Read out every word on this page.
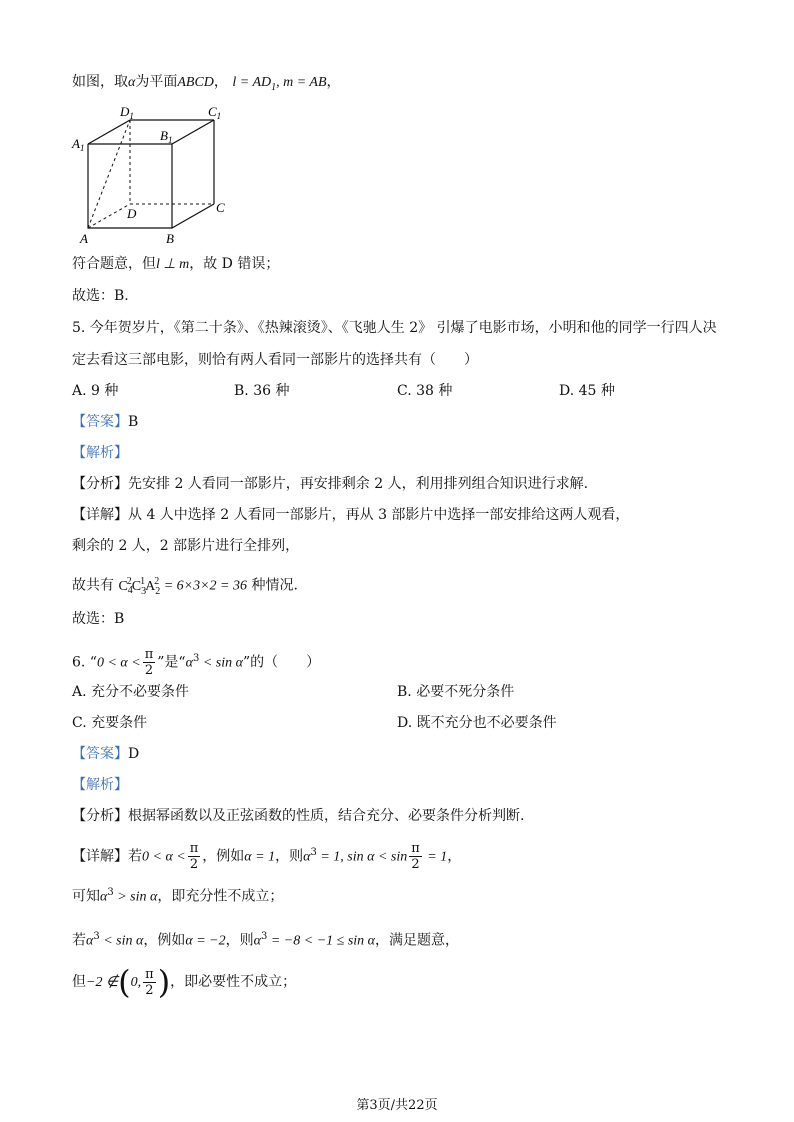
如图，取α为平面ABCD， $l = AD_1$, m = AB，
$D_1$	$C_1$
$A_1$
$B_1$
D	C
A	B
符合题意，但l ⊥ m，故 D 错误；
故选：B.
5. 今年贺岁片，《第二十条》、《热辣滚烫》、《飞驰人生 2》 引爆了电影市场，小明和他的同学一行四人决
定去看这三部电影，则恰有两人看同一部影片的选择共有（　　）
A. 9 种	B. 36 种	C. 38 种	D. 45 种
【答案】B
【解析】
【分析】先安排 2 人看同一部影片，再安排剩余 2 人，利用排列组合知识进行求解.
【详解】从 4 人中选择 2 人看同一部影片，再从 3 部影片中选择一部安排给这两人观看，
剩余的 2 人，2 部影片进行全排列，
故共有 $C_4^2C_3^1A_2^2 = 6\times 3\times 2 = 36$ 种情况.
故选：B
6. “$0 < \alpha < \frac{\pi}{2}$ ”是“$\alpha^3 < \sin \alpha$”的（　　）
A. 充分不必要条件	B. 必要不死分条件
C. 充要条件	D. 既不充分也不必要条件
【答案】D
【解析】
【分析】根据幂函数以及正弦函数的性质，结合充分、必要条件分析判断.
【详解】若$0 < \alpha < \frac{\pi}{2}$ ，例如α = 1，则$\alpha^3 = 1$, $\sin \alpha < \sin \frac{\pi}{2} = 1$，
可知$\alpha^3 > \sin \alpha$，即充分性不成立；
若$\alpha^3 < \sin \alpha$，例如α = −2，则$\alpha^3 = -8 < -1 \le \sin \alpha$，满足题意，
但−2 ∉(0, $\frac{\pi}{2}$ )，即必要性不成立；
第3页/共22页
